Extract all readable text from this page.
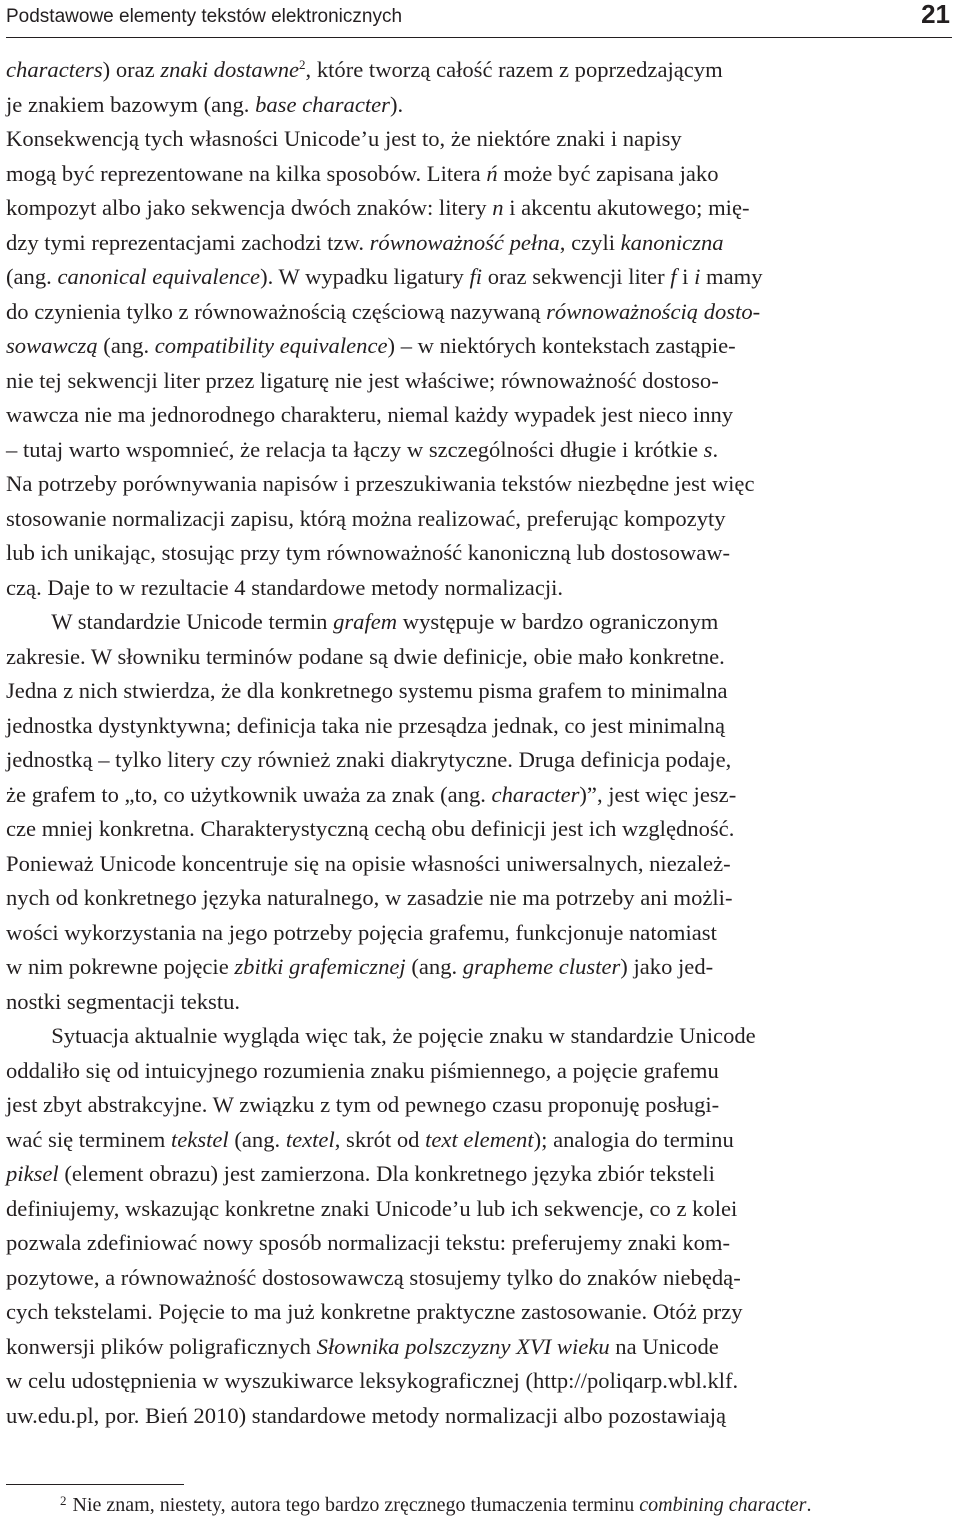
Podstawowe elementy tekstów elektronicznych	21
characters) oraz znaki dostawne$^2$, które tworzą całość razem z poprzedzającym
je znakiem bazowym (ang. base character).
Konsekwencją tych własności Unicode’u jest to, że niektóre znaki i napisy
mogą być reprezentowane na kilka sposobów. Litera ń może być zapisana jako
kompozyt albo jako sekwencja dwóch znaków: litery n i akcentu akutowego; mię-
dzy tymi reprezentacjami zachodzi tzw. równoważność pełna, czyli kanoniczna
(ang. canonical equivalence). W wypadku ligatury fi oraz sekwencji liter f i i mamy
do czynienia tylko z równoważnością częściową nazywaną równoważnością dosto-
sowawczą (ang. compatibility equivalence) – w niektórych kontekstach zastąpie-
nie tej sekwencji liter przez ligaturę nie jest właściwe; równoważność dostoso-
wawcza nie ma jednorodnego charakteru, niemal każdy wypadek jest nieco inny
– tutaj warto wspomnieć, że relacja ta łączy w szczególności długie i krótkie s.
Na potrzeby porównywania napisów i przeszukiwania tekstów niezbędne jest więc
stosowanie normalizacji zapisu, którą można realizować, preferując kompozyty
lub ich unikając, stosując przy tym równoważność kanoniczną lub dostosowaw-
czą. Daje to w rezultacie 4 standardowe metody normalizacji.
  W standardzie Unicode termin grafem występuje w bardzo ograniczonym
zakresie. W słowniku terminów podane są dwie definicje, obie mało konkretne.
Jedna z nich stwierdza, że dla konkretnego systemu pisma grafem to minimalna
jednostka dystynktywna; definicja taka nie przesądza jednak, co jest minimalną
jednostką – tylko litery czy również znaki diakrytyczne. Druga definicja podaje,
że grafem to „to, co użytkownik uważa za znak (ang. character)”, jest więc jesz-
cze mniej konkretna. Charakterystyczną cechą obu definicji jest ich względność.
Ponieważ Unicode koncentruje się na opisie własności uniwersalnych, niezależ-
nych od konkretnego języka naturalnego, w zasadzie nie ma potrzeby ani możli-
wości wykorzystania na jego potrzeby pojęcia grafemu, funkcjonuje natomiast
w nim pokrewne pojęcie zbitki grafemicznej (ang. grapheme cluster) jako jed-
nostki segmentacji tekstu.
  Sytuacja aktualnie wygląda więc tak, że pojęcie znaku w standardzie Unicode
oddaliło się od intuicyjnego rozumienia znaku piśmiennego, a pojęcie grafemu
jest zbyt abstrakcyjne. W związku z tym od pewnego czasu proponuję posługi-
wać się terminem tekstel (ang. textel, skrót od text element); analogia do terminu
piksel (element obrazu) jest zamierzona. Dla konkretnego języka zbiór teksteli
definiujemy, wskazując konkretne znaki Unicode’u lub ich sekwencje, co z kolei
pozwala zdefiniować nowy sposób normalizacji tekstu: preferujemy znaki kom-
pozytowe, a równoważność dostosowawczą stosujemy tylko do znaków niebędą-
cych tekstelami. Pojęcie to ma już konkretne praktyczne zastosowanie. Otóż przy
konwersji plików poligraficznych Słownika polszczyzny XVI wieku na Unicode
w celu udostępnienia w wyszukiwarce leksykograficznej (http://poliqarp.wbl.klf.
uw.edu.pl, por. Bień 2010) standardowe metody normalizacji albo pozostawiają
$^2$ Nie znam, niestety, autora tego bardzo zręcznego tłumaczenia terminu combining character.
